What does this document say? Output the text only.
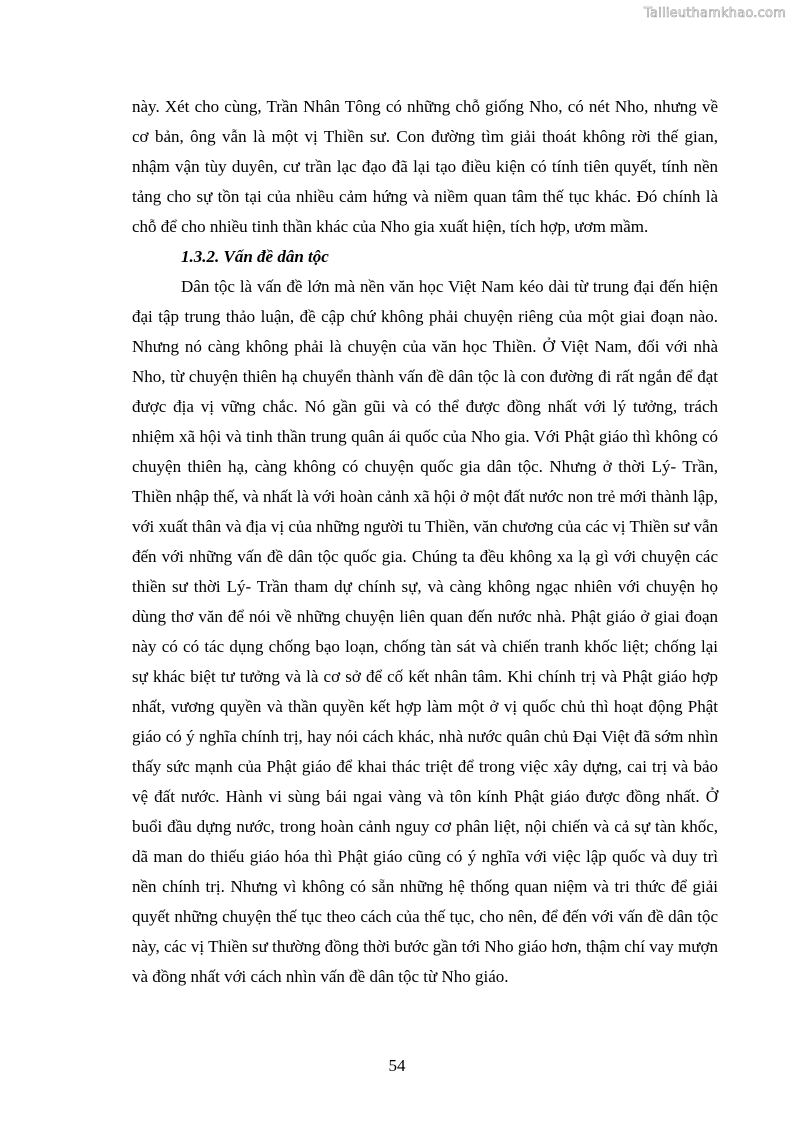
Tailieuthamkhao.com

này. Xét cho cùng, Trần Nhân Tông có những chỗ giống Nho, có nét Nho, nhưng về cơ bản, ông vẫn là một vị Thiền sư. Con đường tìm giải thoát không rời thế gian, nhậm vận tùy duyên, cư trần lạc đạo đã lại tạo điều kiện có tính tiên quyết, tính nền tảng cho sự tồn tại của nhiều cảm hứng và niềm quan tâm thế tục khác. Đó chính là chỗ để cho nhiều tinh thần khác của Nho gia xuất hiện, tích hợp, ươm mầm.

1.3.2. Vấn đề dân tộc

Dân tộc là vấn đề lớn mà nền văn học Việt Nam kéo dài từ trung đại đến hiện đại tập trung thảo luận, đề cập chứ không phải chuyện riêng của một giai đoạn nào. Nhưng nó càng không phải là chuyện của văn học Thiền. Ở Việt Nam, đối với nhà Nho, từ chuyện thiên hạ chuyển thành vấn đề dân tộc là con đường đi rất ngắn để đạt được địa vị vững chắc. Nó gần gũi và có thể được đồng nhất với lý tưởng, trách nhiệm xã hội và tinh thần trung quân ái quốc của Nho gia. Với Phật giáo thì không có chuyện thiên hạ, càng không có chuyện quốc gia dân tộc. Nhưng ở thời Lý- Trần, Thiền nhập thế, và nhất là với hoàn cảnh xã hội ở một đất nước non trẻ mới thành lập, với xuất thân và địa vị của những người tu Thiền, văn chương của các vị Thiền sư vẫn đến với những vấn đề dân tộc quốc gia. Chúng ta đều không xa lạ gì với chuyện các thiền sư thời Lý- Trần tham dự chính sự, và càng không ngạc nhiên với chuyện họ dùng thơ văn để nói về những chuyện liên quan đến nước nhà. Phật giáo ở giai đoạn này có có tác dụng chống bạo loạn, chống tàn sát và chiến tranh khốc liệt; chống lại sự khác biệt tư tưởng và là cơ sở để cố kết nhân tâm. Khi chính trị và Phật giáo hợp nhất, vương quyền và thần quyền kết hợp làm một ở vị quốc chủ thì hoạt động Phật giáo có ý nghĩa chính trị, hay nói cách khác, nhà nước quân chủ Đại Việt đã sớm nhìn thấy sức mạnh của Phật giáo để khai thác triệt để trong việc xây dựng, cai trị và bảo vệ đất nước. Hành vi sùng bái ngai vàng và tôn kính Phật giáo được đồng nhất. Ở buổi đầu dựng nước, trong hoàn cảnh nguy cơ phân liệt, nội chiến và cả sự tàn khốc, dã man do thiếu giáo hóa thì Phật giáo cũng có ý nghĩa với việc lập quốc và duy trì nền chính trị. Nhưng vì không có sẵn những hệ thống quan niệm và tri thức để giải quyết những chuyện thế tục theo cách của thế tục, cho nên, để đến với vấn đề dân tộc này, các vị Thiền sư thường đồng thời bước gần tới Nho giáo hơn, thậm chí vay mượn và đồng nhất với cách nhìn vấn đề dân tộc từ Nho giáo.

54
